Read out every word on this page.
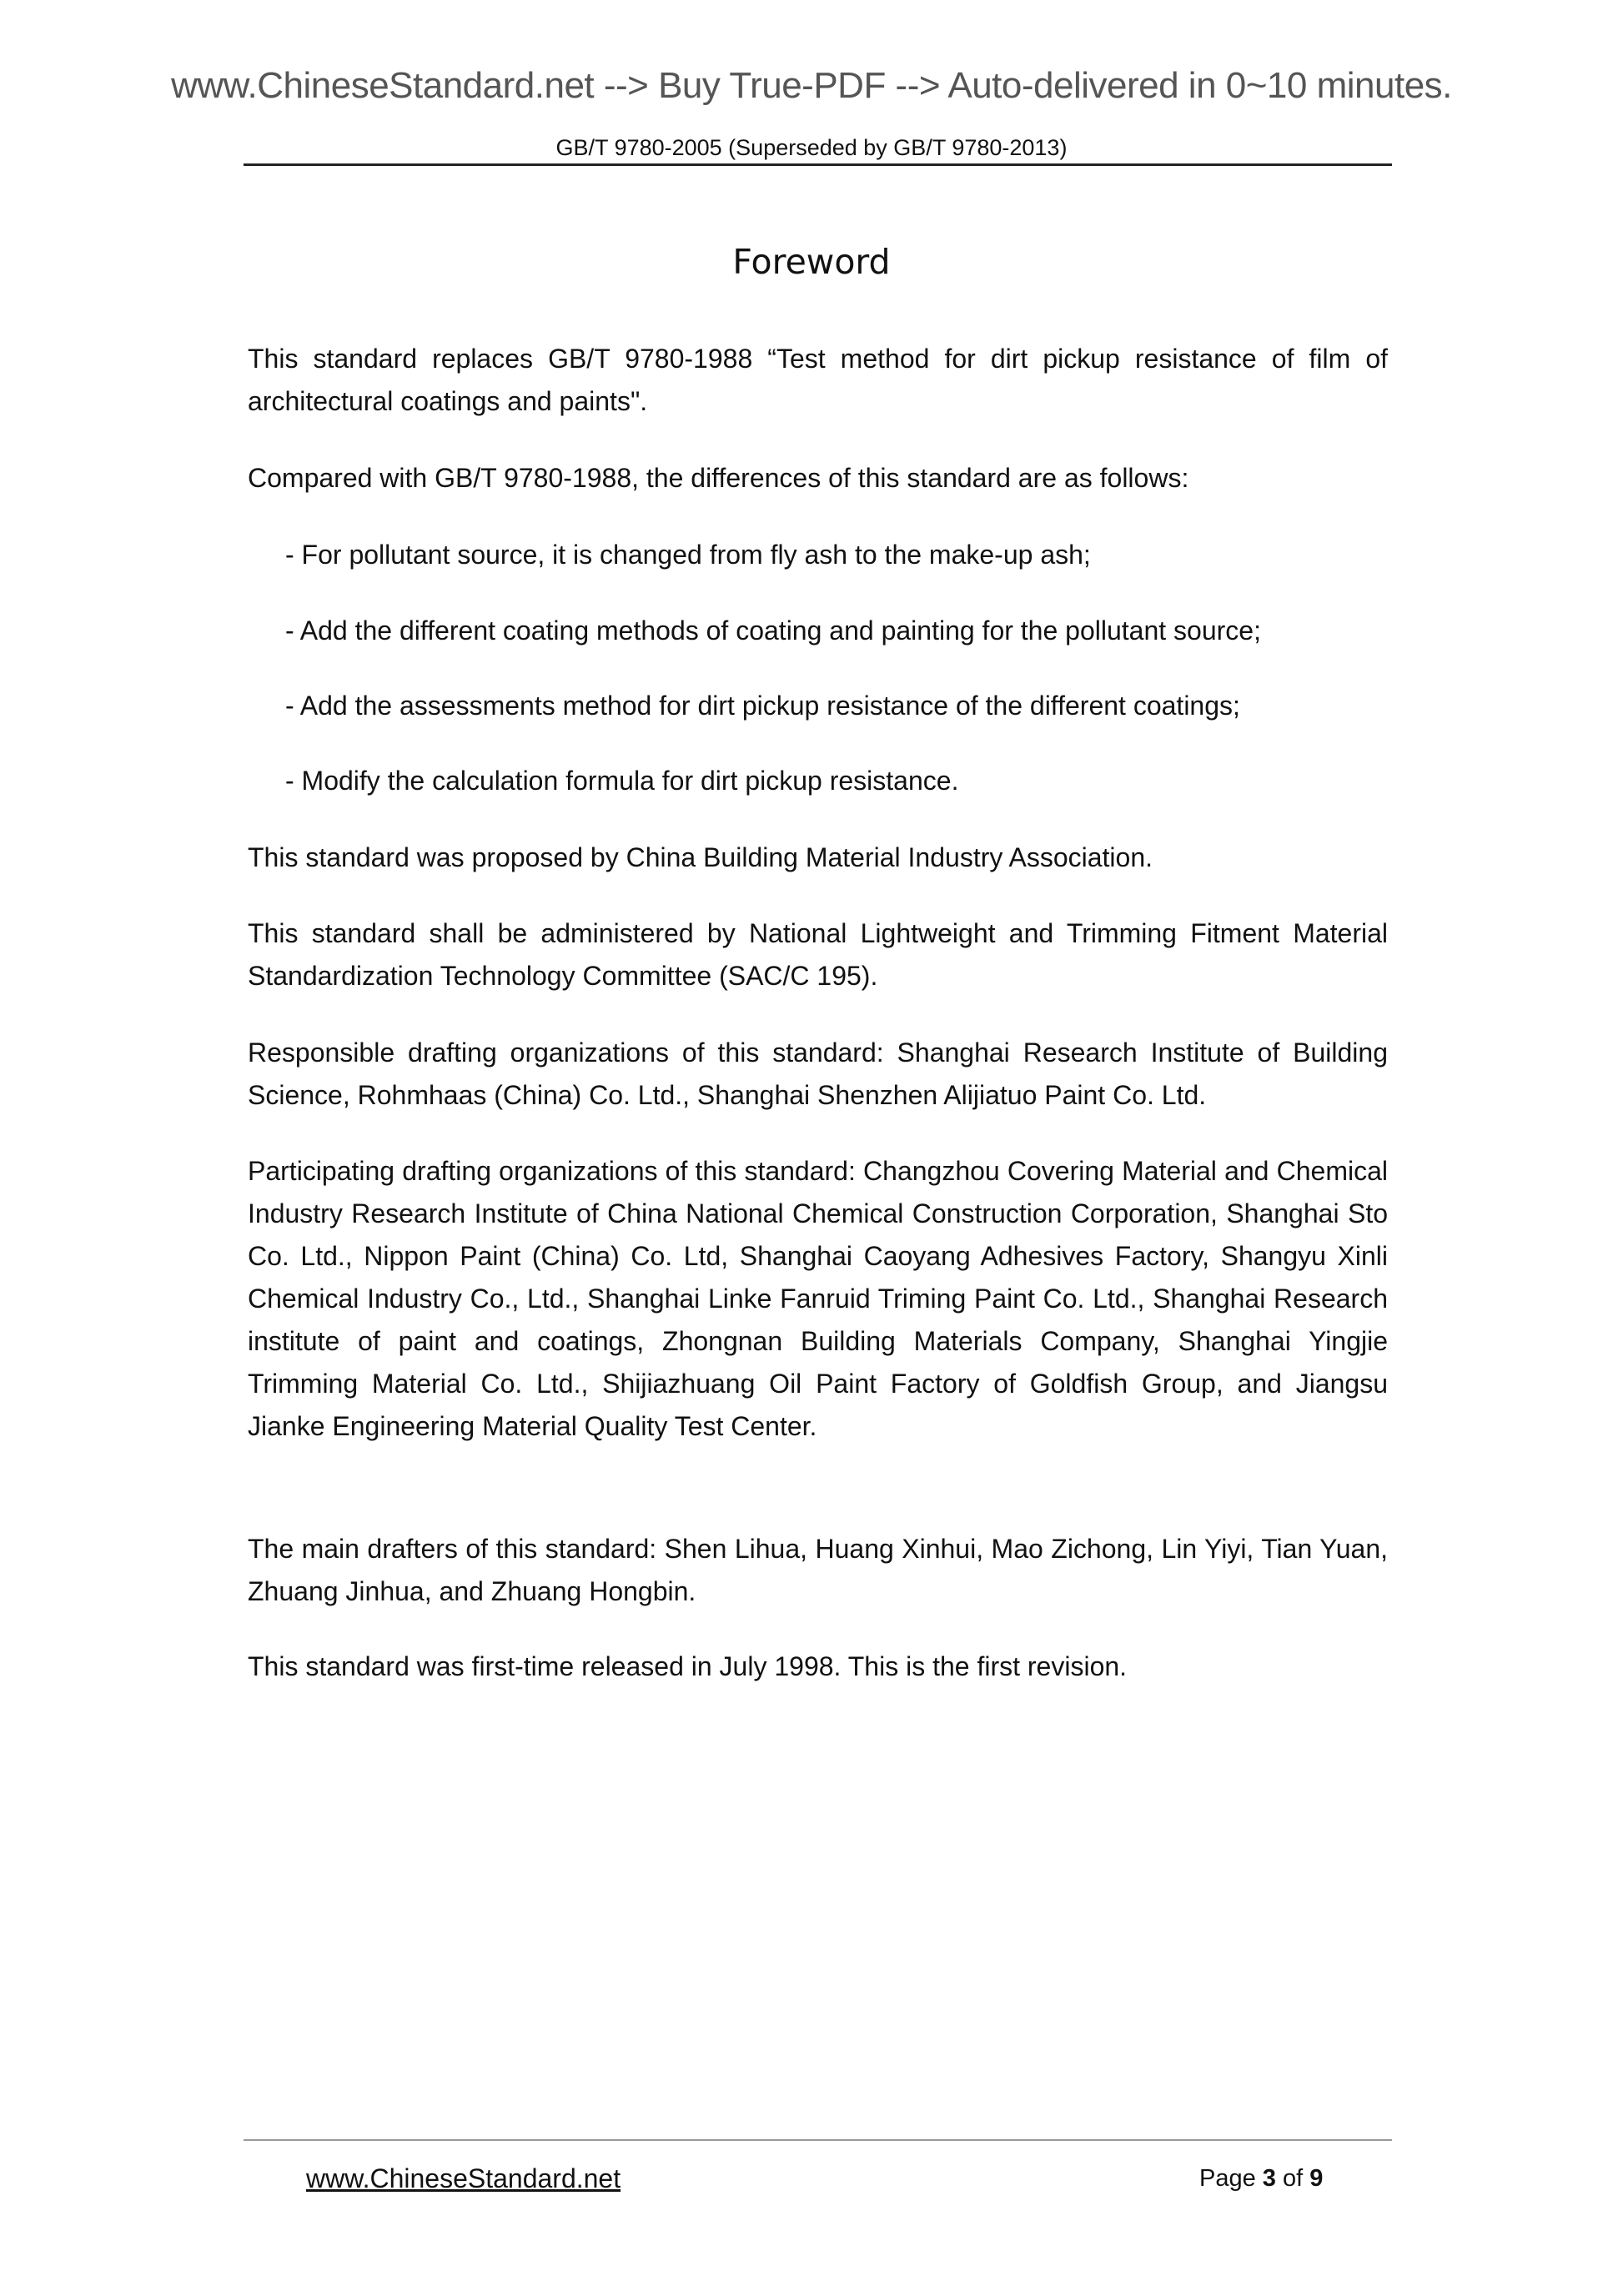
www.ChineseStandard.net --> Buy True-PDF --> Auto-delivered in 0~10 minutes.
GB/T 9780-2005 (Superseded by GB/T 9780-2013)
Foreword

This standard replaces GB/T 9780-1988 “Test method for dirt pickup resistance of film of architectural coatings and paints".

Compared with GB/T 9780-1988, the differences of this standard are as follows:

- For pollutant source, it is changed from fly ash to the make-up ash;

- Add the different coating methods of coating and painting for the pollutant source;

- Add the assessments method for dirt pickup resistance of the different coatings;

- Modify the calculation formula for dirt pickup resistance.

This standard was proposed by China Building Material Industry Association.

This standard shall be administered by National Lightweight and Trimming Fitment Material Standardization Technology Committee (SAC/C 195).

Responsible drafting organizations of this standard: Shanghai Research Institute of Building Science, Rohmhaas (China) Co. Ltd., Shanghai Shenzhen Alijiatuo Paint Co. Ltd.

Participating drafting organizations of this standard: Changzhou Covering Material and Chemical Industry Research Institute of China National Chemical Construction Corporation, Shanghai Sto Co. Ltd., Nippon Paint (China) Co. Ltd, Shanghai Caoyang Adhesives Factory, Shangyu Xinli Chemical Industry Co., Ltd., Shanghai Linke Fanruid Triming Paint Co. Ltd., Shanghai Research institute of paint and coatings, Zhongnan Building Materials Company, Shanghai Yingjie Trimming Material Co. Ltd., Shijiazhuang Oil Paint Factory of Goldfish Group, and Jiangsu Jianke Engineering Material Quality Test Center.

The main drafters of this standard: Shen Lihua, Huang Xinhui, Mao Zichong, Lin Yiyi, Tian Yuan, Zhuang Jinhua, and Zhuang Hongbin.

This standard was first-time released in July 1998. This is the first revision.

www.ChineseStandard.net	Page 3 of 9
